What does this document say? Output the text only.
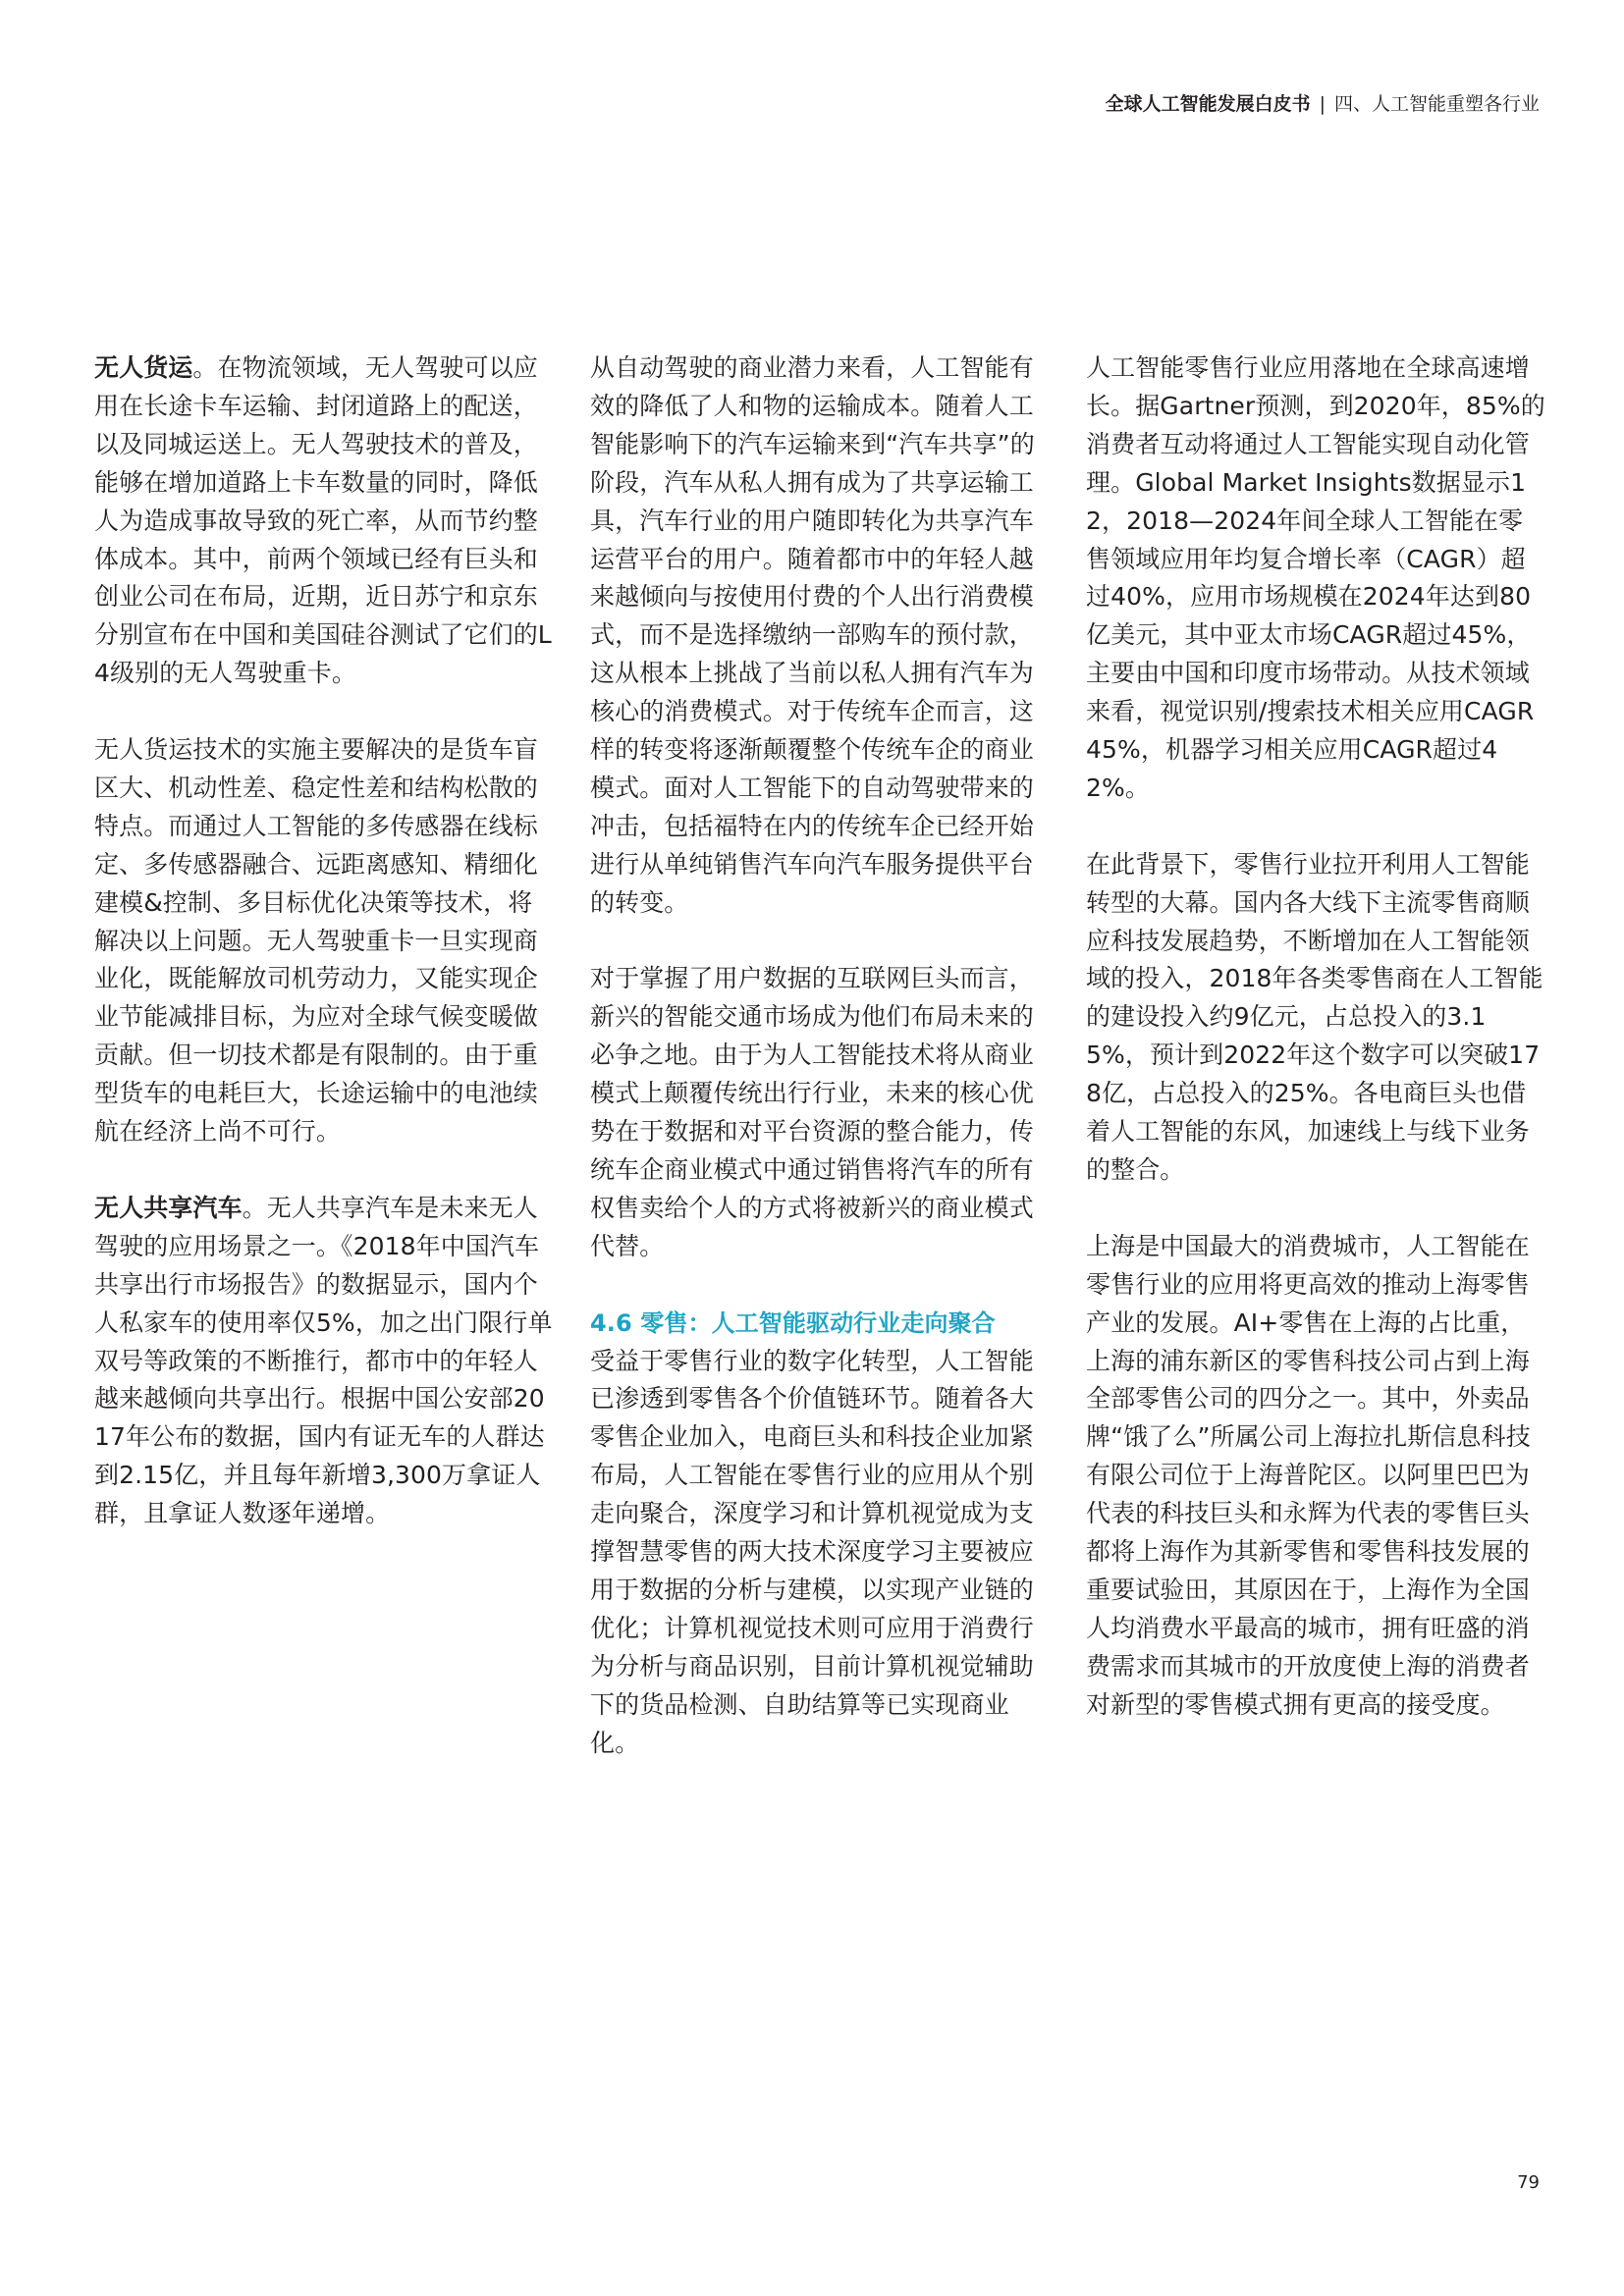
全球人工智能发展白皮书 | 四、人工智能重塑各行业

无人货运。在物流领域，无人驾驶可以应用在长途卡车运输、封闭道路上的配送，以及同城运送上。无人驾驶技术的普及，能够在增加道路上卡车数量的同时，降低人为造成事故导致的死亡率，从而节约整体成本。其中，前两个领域已经有巨头和创业公司在布局，近期，近日苏宁和京东分别宣布在中国和美国硅谷测试了它们的L4级别的无人驾驶重卡。

无人货运技术的实施主要解决的是货车盲区大、机动性差、稳定性差和结构松散的特点。而通过人工智能的多传感器在线标定、多传感器融合、远距离感知、精细化建模&控制、多目标优化决策等技术，将解决以上问题。无人驾驶重卡一旦实现商业化，既能解放司机劳动力，又能实现企业节能减排目标，为应对全球气候变暖做贡献。但一切技术都是有限制的。由于重型货车的电耗巨大，长途运输中的电池续航在经济上尚不可行。

无人共享汽车。无人共享汽车是未来无人驾驶的应用场景之一。《2018年中国汽车共享出行市场报告》的数据显示，国内个人私家车的使用率仅5%，加之出门限行单双号等政策的不断推行，都市中的年轻人越来越倾向共享出行。根据中国公安部2017年公布的数据，国内有证无车的人群达到2.15亿，并且每年新增3,300万拿证人群，且拿证人数逐年递增。

从自动驾驶的商业潜力来看，人工智能有效的降低了人和物的运输成本。随着人工智能影响下的汽车运输来到“汽车共享”的阶段，汽车从私人拥有成为了共享运输工具，汽车行业的用户随即转化为共享汽车运营平台的用户。随着都市中的年轻人越来越倾向与按使用付费的个人出行消费模式，而不是选择缴纳一部购车的预付款，这从根本上挑战了当前以私人拥有汽车为核心的消费模式。对于传统车企而言，这样的转变将逐渐颠覆整个传统车企的商业模式。面对人工智能下的自动驾驶带来的冲击，包括福特在内的传统车企已经开始进行从单纯销售汽车向汽车服务提供平台的转变。

对于掌握了用户数据的互联网巨头而言，新兴的智能交通市场成为他们布局未来的必争之地。由于为人工智能技术将从商业模式上颠覆传统出行行业，未来的核心优势在于数据和对平台资源的整合能力，传统车企商业模式中通过销售将汽车的所有权售卖给个人的方式将被新兴的商业模式代替。

4.6 零售：人工智能驱动行业走向聚合

受益于零售行业的数字化转型，人工智能已渗透到零售各个价值链环节。随着各大零售企业加入，电商巨头和科技企业加紧布局，人工智能在零售行业的应用从个别走向聚合，深度学习和计算机视觉成为支撑智慧零售的两大技术深度学习主要被应用于数据的分析与建模，以实现产业链的优化；计算机视觉技术则可应用于消费行为分析与商品识别，目前计算机视觉辅助下的货品检测、自助结算等已实现商业化。

人工智能零售行业应用落地在全球高速增长。据Gartner预测，到2020年，85%的消费者互动将通过人工智能实现自动化管理。Global Market Insights数据显示12，2018—2024年间全球人工智能在零售领域应用年均复合增长率（CAGR）超过40%，应用市场规模在2024年达到80亿美元，其中亚太市场CAGR超过45%，主要由中国和印度市场带动。从技术领域来看，视觉识别/搜索技术相关应用CAGR 45%，机器学习相关应用CAGR超过42%。

在此背景下，零售行业拉开利用人工智能转型的大幕。国内各大线下主流零售商顺应科技发展趋势，不断增加在人工智能领域的投入，2018年各类零售商在人工智能的建设投入约9亿元，占总投入的3.15%，预计到2022年这个数字可以突破178亿，占总投入的25%。各电商巨头也借着人工智能的东风，加速线上与线下业务的整合。

上海是中国最大的消费城市，人工智能在零售行业的应用将更高效的推动上海零售产业的发展。AI+零售在上海的占比重，上海的浦东新区的零售科技公司占到上海全部零售公司的四分之一。其中，外卖品牌“饿了么”所属公司上海拉扎斯信息科技有限公司位于上海普陀区。以阿里巴巴为代表的科技巨头和永辉为代表的零售巨头都将上海作为其新零售和零售科技发展的重要试验田，其原因在于，上海作为全国人均消费水平最高的城市，拥有旺盛的消费需求而其城市的开放度使上海的消费者对新型的零售模式拥有更高的接受度。

79
